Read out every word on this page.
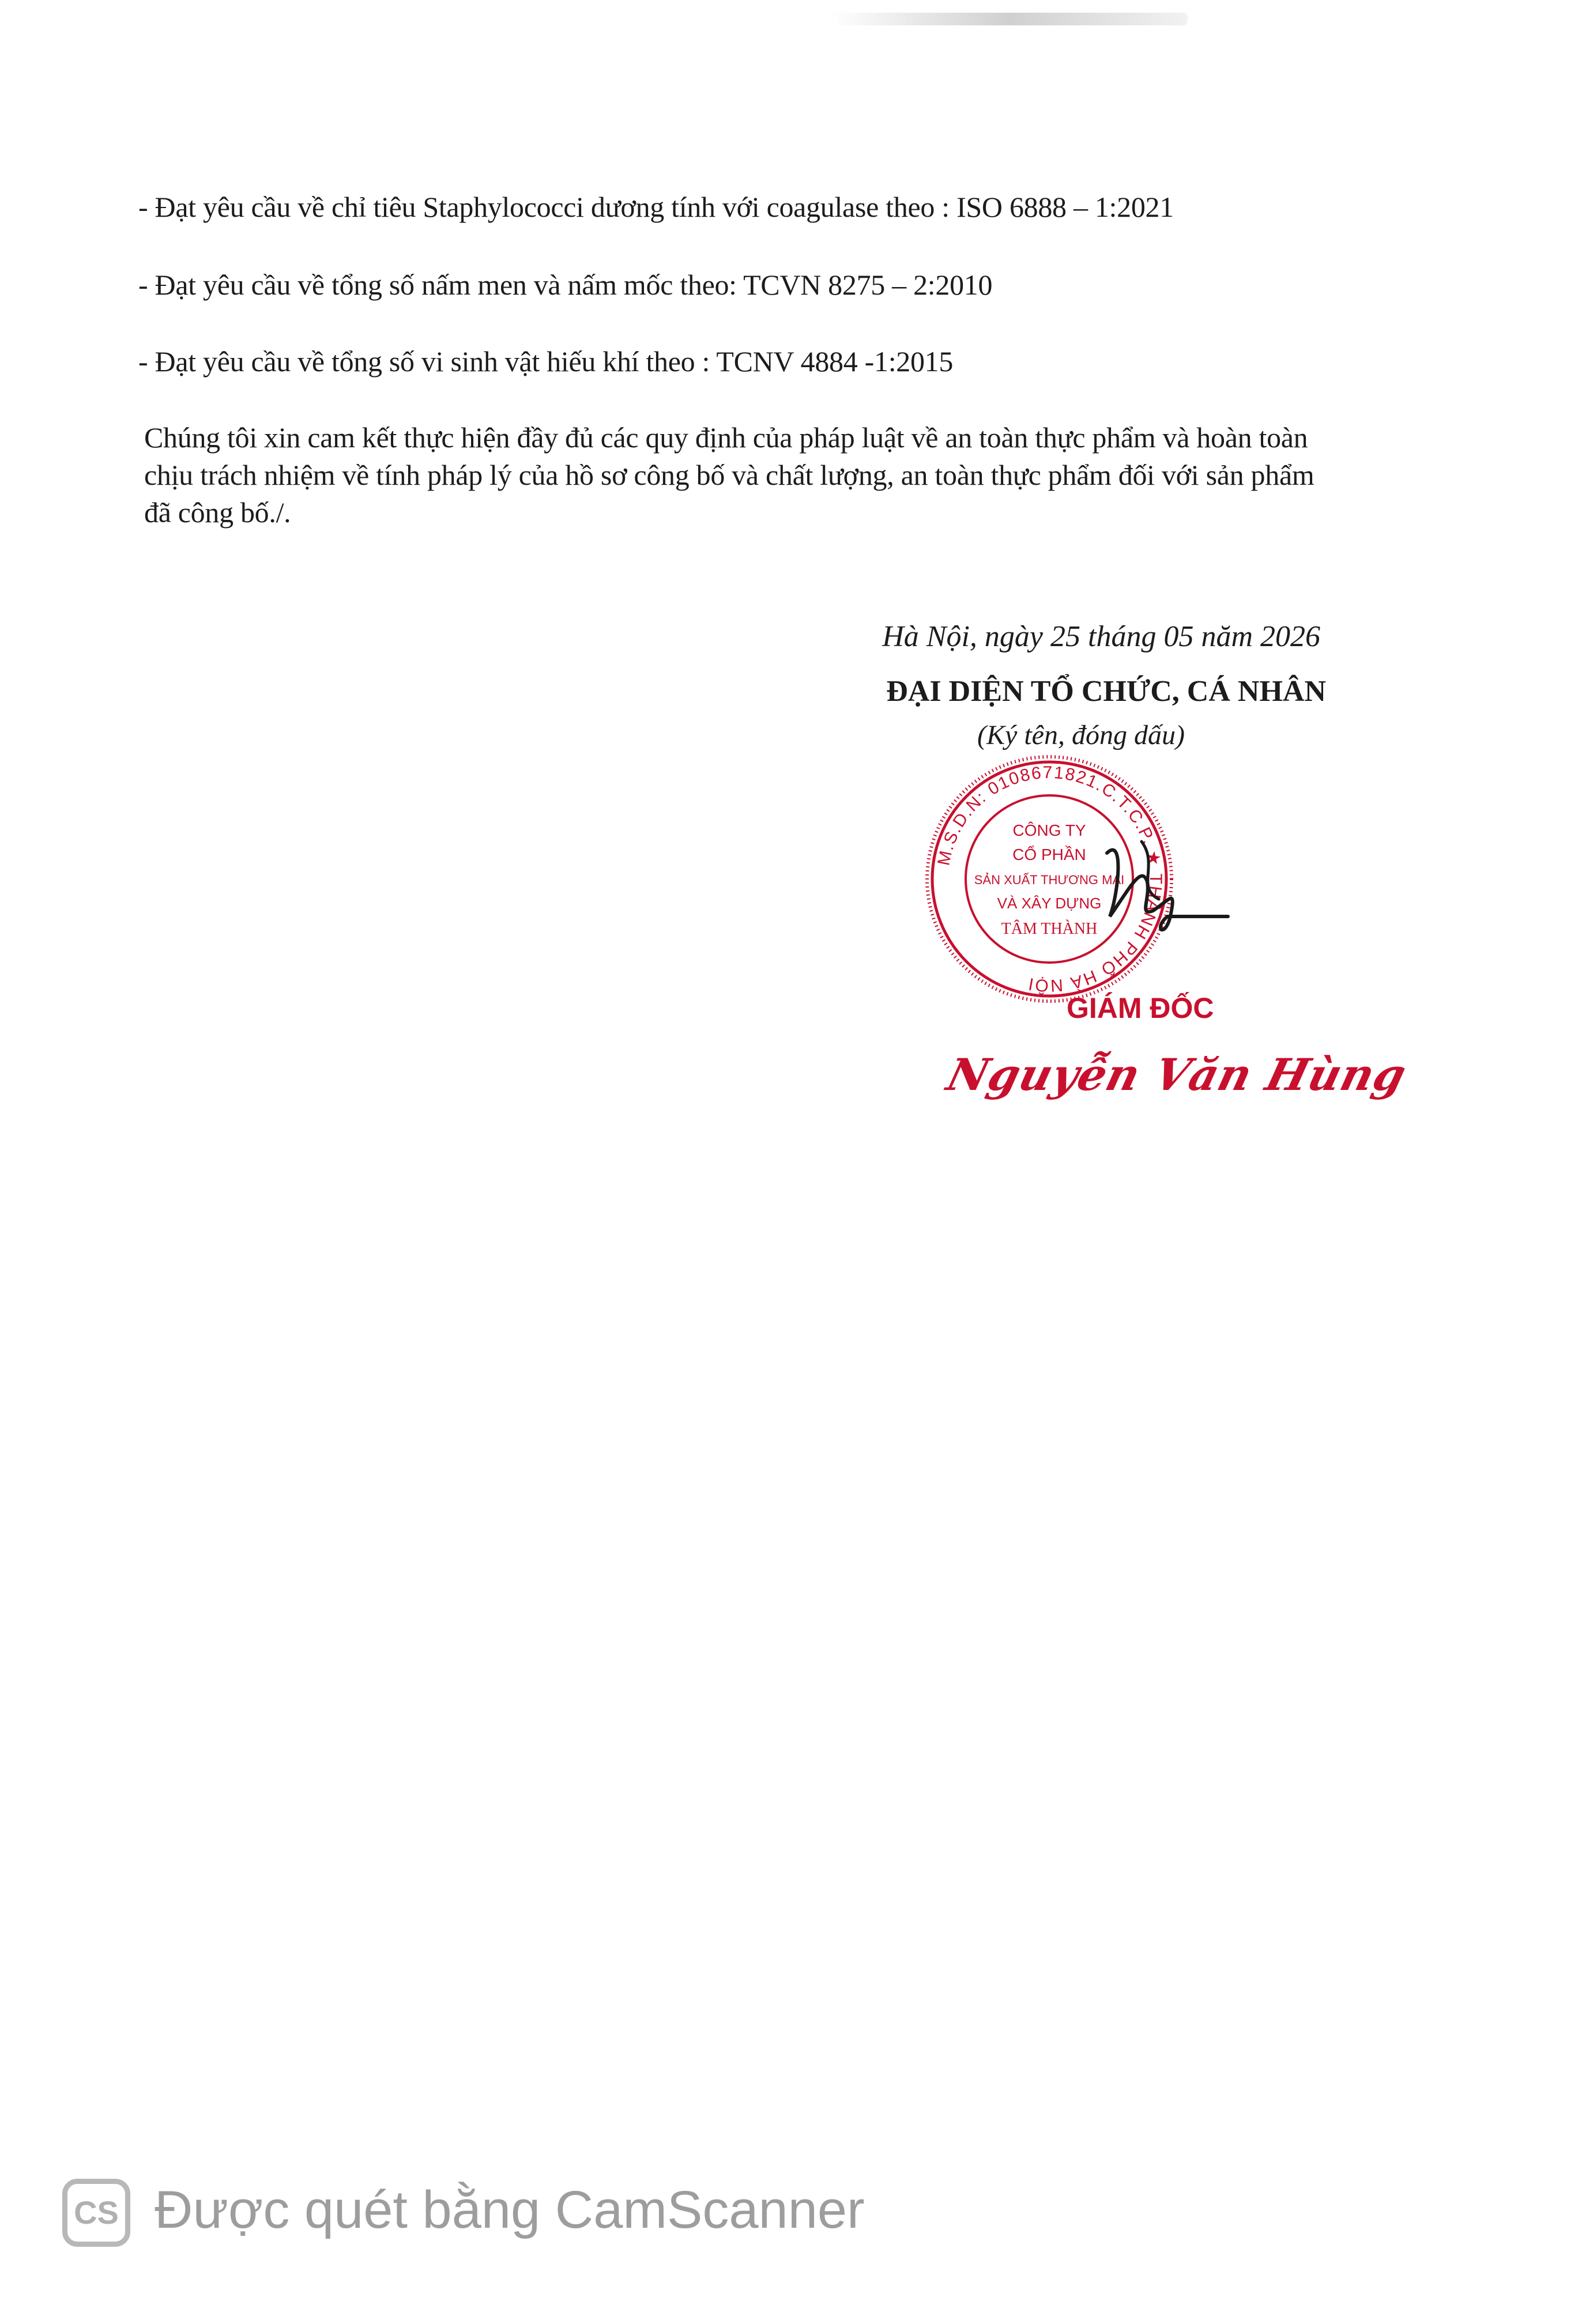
- Đạt yêu cầu về chỉ tiêu Staphylococci dương tính với coagulase theo : ISO 6888 – 1:2021
- Đạt yêu cầu về tổng số nấm men và nấm mốc theo: TCVN 8275 – 2:2010
- Đạt yêu cầu về tổng số vi sinh vật hiếu khí theo : TCNV 4884 -1:2015
Chúng tôi xin cam kết thực hiện đầy đủ các quy định của pháp luật về an toàn thực phẩm và hoàn toàn
chịu trách nhiệm về tính pháp lý của hồ sơ công bố và chất lượng, an toàn thực phẩm đối với sản phẩm
đã công bố./.
Hà Nội, ngày 25 tháng 05 năm 2026
ĐẠI DIỆN TỔ CHỨC, CÁ NHÂN
(Ký tên, đóng dấu)
M.S.D.N: 0108671821.C.T.C.P. ★ THÀNH PHỐ HÀ NỘI
CÔNG TY
CỔ PHẦN
SẢN XUẤT THƯƠNG MẠI
VÀ XÂY DỰNG
TÂM THÀNH
GIÁM ĐỐC
Nguyễn Văn Hùng
CS Được quét bằng CamScanner
